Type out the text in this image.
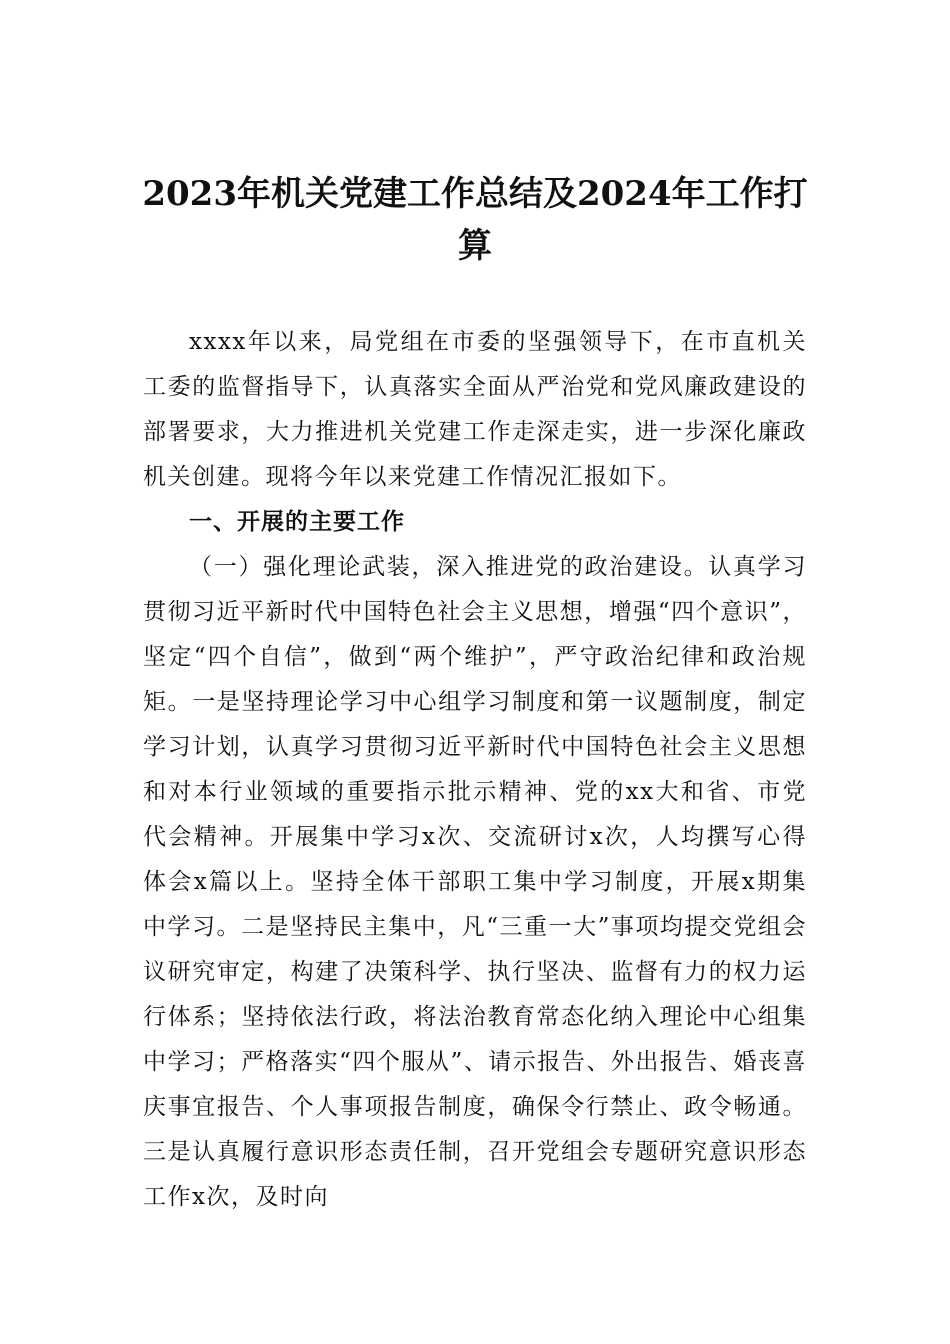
2023年机关党建工作总结及2024年工作打算

xxxx年以来，局党组在市委的坚强领导下，在市直机关工委的监督指导下，认真落实全面从严治党和党风廉政建设的部署要求，大力推进机关党建工作走深走实，进一步深化廉政机关创建。现将今年以来党建工作情况汇报如下。

一、开展的主要工作

（一）强化理论武装，深入推进党的政治建设。认真学习贯彻习近平新时代中国特色社会主义思想，增强“四个意识”，坚定“四个自信”，做到“两个维护”，严守政治纪律和政治规矩。一是坚持理论学习中心组学习制度和第一议题制度，制定学习计划，认真学习贯彻习近平新时代中国特色社会主义思想和对本行业领域的重要指示批示精神、党的xx大和省、市党代会精神。开展集中学习x次、交流研讨x次，人均撰写心得体会x篇以上。坚持全体干部职工集中学习制度，开展x期集中学习。二是坚持民主集中，凡“三重一大”事项均提交党组会议研究审定，构建了决策科学、执行坚决、监督有力的权力运行体系；坚持依法行政，将法治教育常态化纳入理论中心组集中学习；严格落实“四个服从”、请示报告、外出报告、婚丧喜庆事宜报告、个人事项报告制度，确保令行禁止、政令畅通。三是认真履行意识形态责任制，召开党组会专题研究意识形态工作x次，及时向
